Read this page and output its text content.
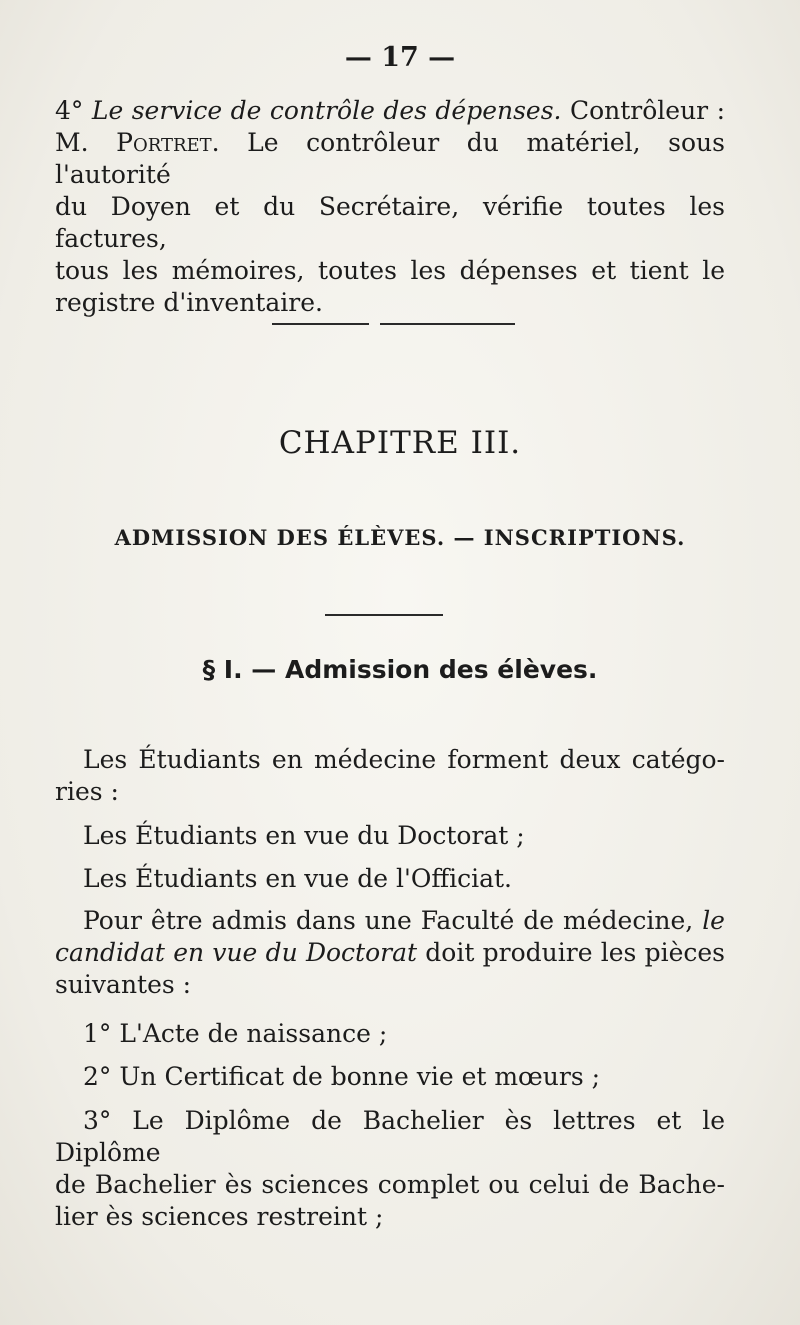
— 17 —

4° Le service de contrôle des dépenses. Contrôleur :
M. Portret. Le contrôleur du matériel, sous l'autorité
du Doyen et du Secrétaire, vérifie toutes les factures,
tous les mémoires, toutes les dépenses et tient le
registre d'inventaire.

CHAPITRE III.

ADMISSION DES ÉLÈVES. — INSCRIPTIONS.

§ I. — Admission des élèves.

Les Étudiants en médecine forment deux catégo-
ries :

Les Étudiants en vue du Doctorat ;

Les Étudiants en vue de l'Officiat.

Pour être admis dans une Faculté de médecine, le
candidat en vue du Doctorat doit produire les pièces
suivantes :

1° L'Acte de naissance ;

2° Un Certificat de bonne vie et mœurs ;

3° Le Diplôme de Bachelier ès lettres et le Diplôme
de Bachelier ès sciences complet ou celui de Bache-
lier ès sciences restreint ;
